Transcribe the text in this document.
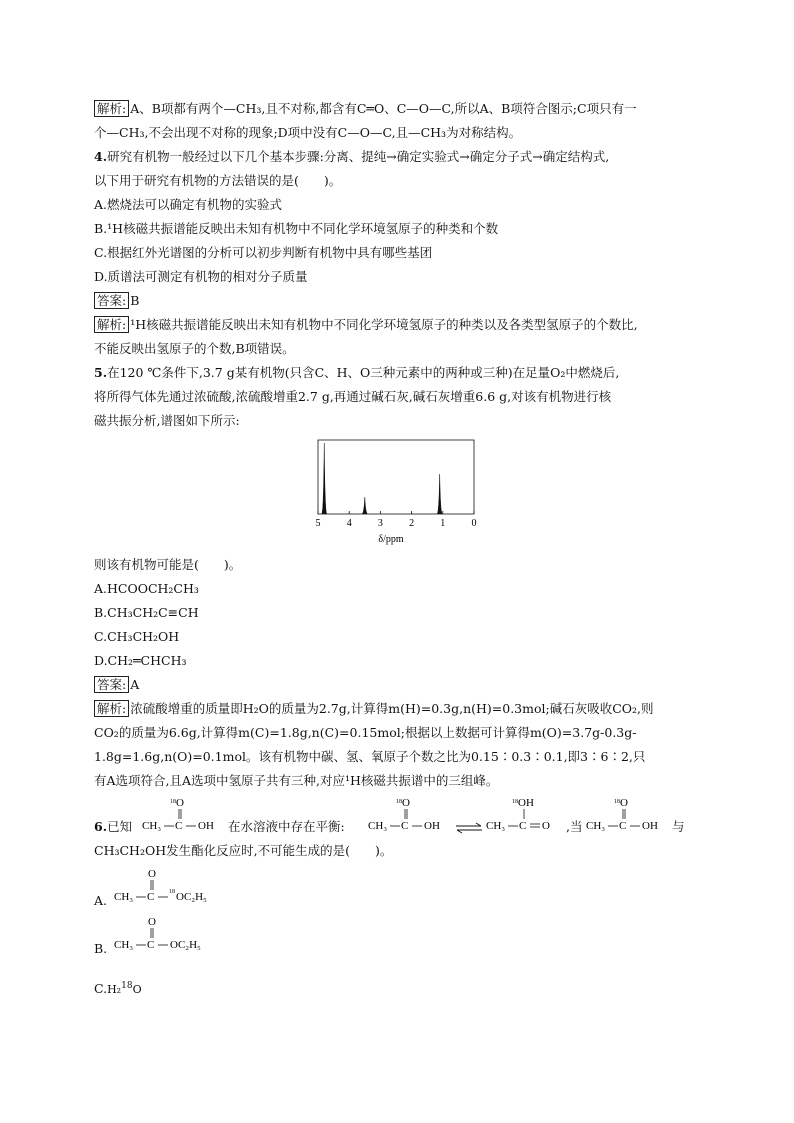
解析: A、B项都有两个—CH₃,且不对称,都含有C═O、C—O—C,所以A、B项符合图示;C项只有一
个—CH₃,不会出现不对称的现象;D项中没有C—O—C,且—CH₃为对称结构。
4.研究有机物一般经过以下几个基本步骤:分离、提纯→确定实验式→确定分子式→确定结构式,
以下用于研究有机物的方法错误的是(　　)。
A.燃烧法可以确定有机物的实验式
B.¹H核磁共振谱能反映出未知有机物中不同化学环境氢原子的种类和个数
C.根据红外光谱图的分析可以初步判断有机物中具有哪些基团
D.质谱法可测定有机物的相对分子质量
答案: B
解析: ¹H核磁共振谱能反映出未知有机物中不同化学环境氢原子的种类以及各类型氢原子的个数比,
不能反映出氢原子的个数,B项错误。
5.在120 ℃条件下,3.7 g某有机物(只含C、H、O三种元素中的两种或三种)在足量O₂中燃烧后,
将所得气体先通过浓硫酸,浓硫酸增重2.7 g,再通过碱石灰,碱石灰增重6.6 g,对该有机物进行核
磁共振分析,谱图如下所示:
5	4	3	2	1	0
δ/ppm
则该有机物可能是(　　)。
A.HCOOCH₂CH₃
B.CH₃CH₂C≡CH
C.CH₃CH₂OH
D.CH₂═CHCH₃
答案: A
解析: 浓硫酸增重的质量即H₂O的质量为2.7g,计算得m(H)=0.3g,n(H)=0.3mol;碱石灰吸收CO₂,则
CO₂的质量为6.6g,计算得m(C)=1.8g,n(C)=0.15mol;根据以上数据可计算得m(O)=3.7g-0.3g-
1.8g=1.6g,n(O)=0.1mol。该有机物中碳、氢、氧原子个数之比为0.15∶0.3∶0.1,即3∶6∶2,只
有A选项符合,且A选项中氢原子共有三种,对应¹H核磁共振谱中的三组峰。
6.已知 CH₃ C OH
18 O
在水溶液中存在平衡: CH₃ C OH
18 O
⇌ CH₃ C O
18 OH
,当 CH₃ C OH
18 O
与
CH₃CH₂OH发生酯化反应时,不可能生成的是(　　)。
A. CH₃ C 18 OC₂H₅
O
B. CH₃ C OC₂H₅
O
C.H₂$^{18}$O
